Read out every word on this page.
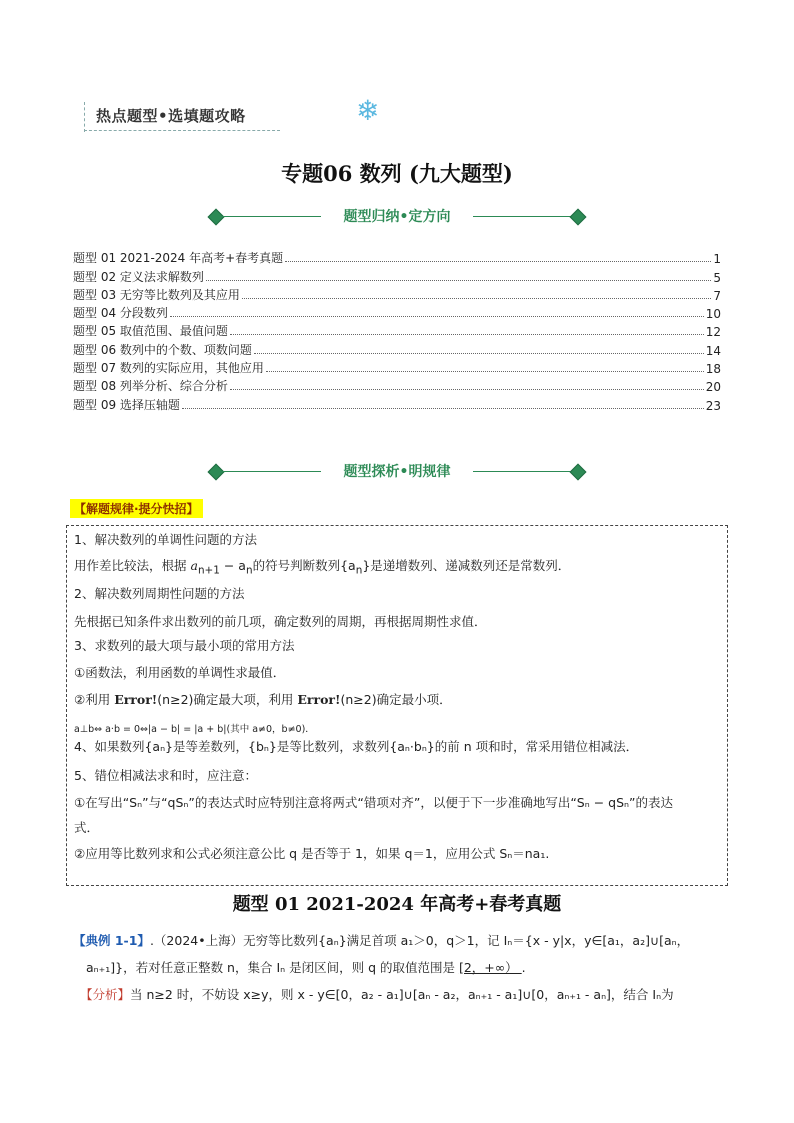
热点题型•选填题攻略	❄
专题06 数列 (九大题型)
题型归纳•定方向
题型 01 2021-2024 年高考+春考真题	1
题型 02 定义法求解数列	5
题型 03 无穷等比数列及其应用	7
题型 04 分段数列	10
题型 05 取值范围、最值问题	12
题型 06 数列中的个数、项数问题	14
题型 07 数列的实际应用，其他应用	18
题型 08 列举分析、综合分析	20
题型 09 选择压轴题	23
题型探析•明规律
【解题规律·提分快招】

1、解决数列的单调性问题的方法

用作差比较法，根据 $a_{n+1} - a_n$的符号判断数列$\{a_n\}$是递增数列、递减数列还是常数列．

2、解决数列周期性问题的方法

先根据已知条件求出数列的前几项，确定数列的周期，再根据周期性求值．

3、求数列的最大项与最小项的常用方法

①函数法，利用函数的单调性求最值．

②利用 Error!(n≥2)确定最大项，利用 Error!(n≥2)确定最小项．

a⊥b⇔ a·b = 0⇔|a − b| = |a + b|(其中 a≠0，b≠0)．

4、如果数列{aₙ}是等差数列，{bₙ}是等比数列，求数列{aₙ·bₙ}的前 n 项和时，常采用错位相减法．

5、错位相减法求和时，应注意：

①在写出“Sₙ”与“qSₙ”的表达式时应特别注意将两式“错项对齐”，以便于下一步准确地写出“Sₙ − qSₙ”的表达

式．

②应用等比数列求和公式必须注意公比 q 是否等于 1，如果 q＝1，应用公式 Sₙ＝na₁.

题型 01 2021-2024 年高考+春考真题
【典例 1-1】.（2024•上海）无穷等比数列{aₙ}满足首项 a₁＞0，q＞1，记 Iₙ＝{x - y|x，y∈[a₁，a₂]∪[aₙ，
aₙ₊₁]}，若对任意正整数 n，集合 Iₙ 是闭区间，则 q 的取值范围是 [2，+∞） .
【分析】当 n≥2 时，不妨设 x≥y，则 x - y∈[0，a₂ - a₁]∪[aₙ - a₂，aₙ₊₁ - a₁]∪[0，aₙ₊₁ - aₙ]，结合 Iₙ为
